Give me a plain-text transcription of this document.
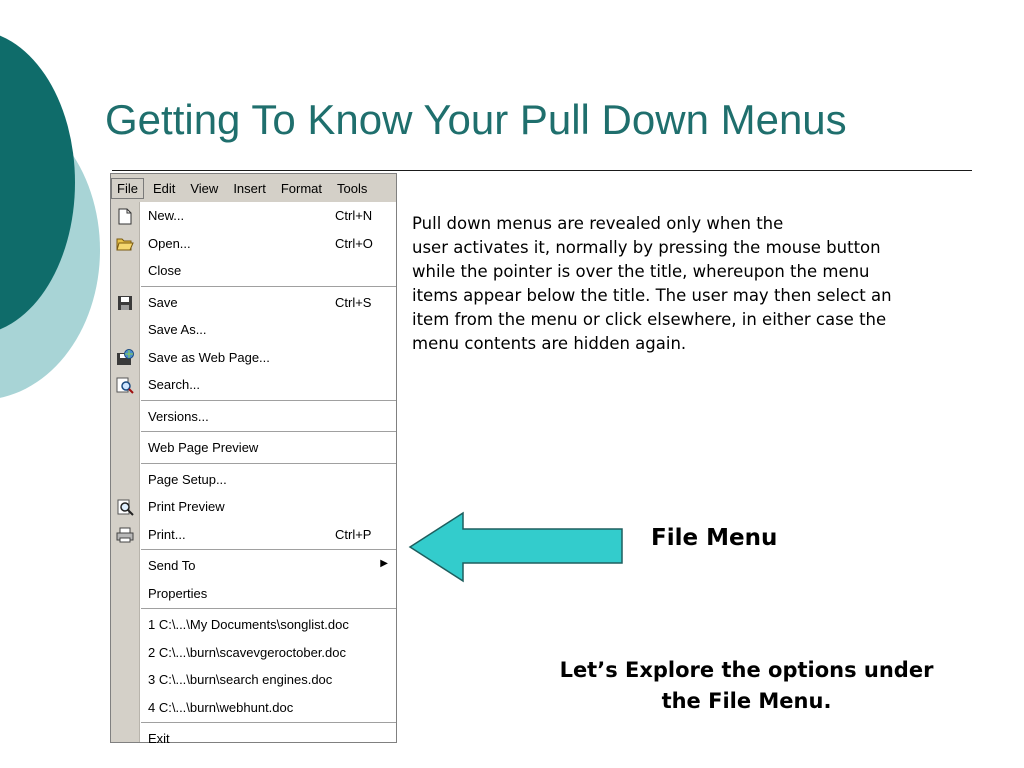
Getting To Know Your Pull Down Menus
File	Edit	View	Insert	Format	Tools
New...	Ctrl+N
Open...	Ctrl+O
Close
Save	Ctrl+S
Save As...
Save as Web Page...
Search...
Versions...
Web Page Preview
Page Setup...
Print Preview
Print...	Ctrl+P
Send To	▶
Properties
1 C:\...\My Documents\songlist.doc
2 C:\...\burn\scavevgeroctober.doc
3 C:\...\burn\search engines.doc
4 C:\...\burn\webhunt.doc
Exit

Pull down menus are revealed only when the
user activates it, normally by pressing the mouse button
while the pointer is over the title, whereupon the menu
items appear below the title. The user may then select an
item from the menu or click elsewhere, in either case the
menu contents are hidden again.

File Menu

Let’s Explore the options under
the File Menu.
